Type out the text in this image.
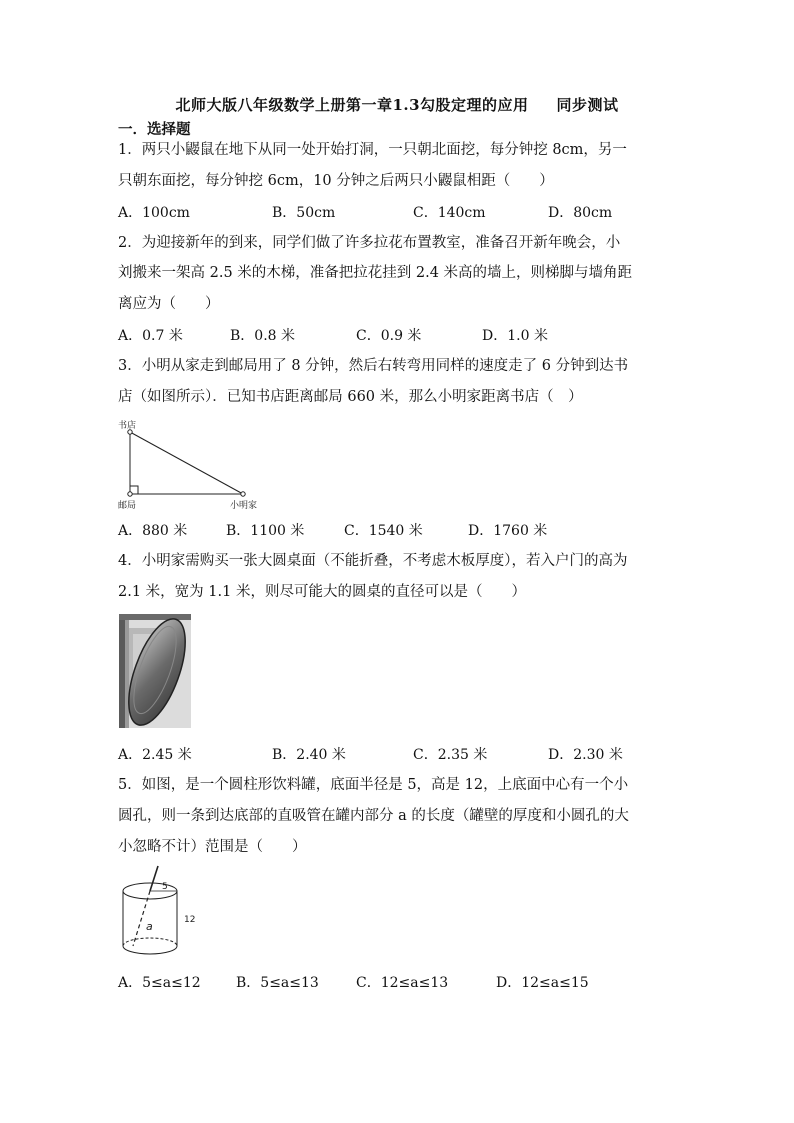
北师大版八年级数学上册第一章1.3勾股定理的应用 同步测试
一．选择题
1．两只小鼹鼠在地下从同一处开始打洞，一只朝北面挖，每分钟挖 8cm，另一
只朝东面挖，每分钟挖 6cm，10 分钟之后两只小鼹鼠相距（　　）
A．100cm	B．50cm	C．140cm	D．80cm
2．为迎接新年的到来，同学们做了许多拉花布置教室，准备召开新年晚会，小
刘搬来一架高 2.5 米的木梯，准备把拉花挂到 2.4 米高的墙上，则梯脚与墙角距
离应为（　　）
A．0.7 米	B．0.8 米	C．0.9 米	D．1.0 米
3．小明从家走到邮局用了 8 分钟，然后右转弯用同样的速度走了 6 分钟到达书
店（如图所示）．已知书店距离邮局 660 米，那么小明家距离书店（　）
书店
邮局	小明家
A．880 米	B．1100 米	C．1540 米	D．1760 米
4．小明家需购买一张大圆桌面（不能折叠，不考虑木板厚度），若入户门的高为
2.1 米，宽为 1.1 米，则尽可能大的圆桌的直径可以是（　　）
A．2.45 米	B．2.40 米	C．2.35 米	D．2.30 米
5．如图，是一个圆柱形饮料罐，底面半径是 5，高是 12，上底面中心有一个小
圆孔，则一条到达底部的直吸管在罐内部分 a 的长度（罐壁的厚度和小圆孔的大
小忽略不计）范围是（　　）
5
12
a
A．5≤a≤12	B．5≤a≤13	C．12≤a≤13	D．12≤a≤15
